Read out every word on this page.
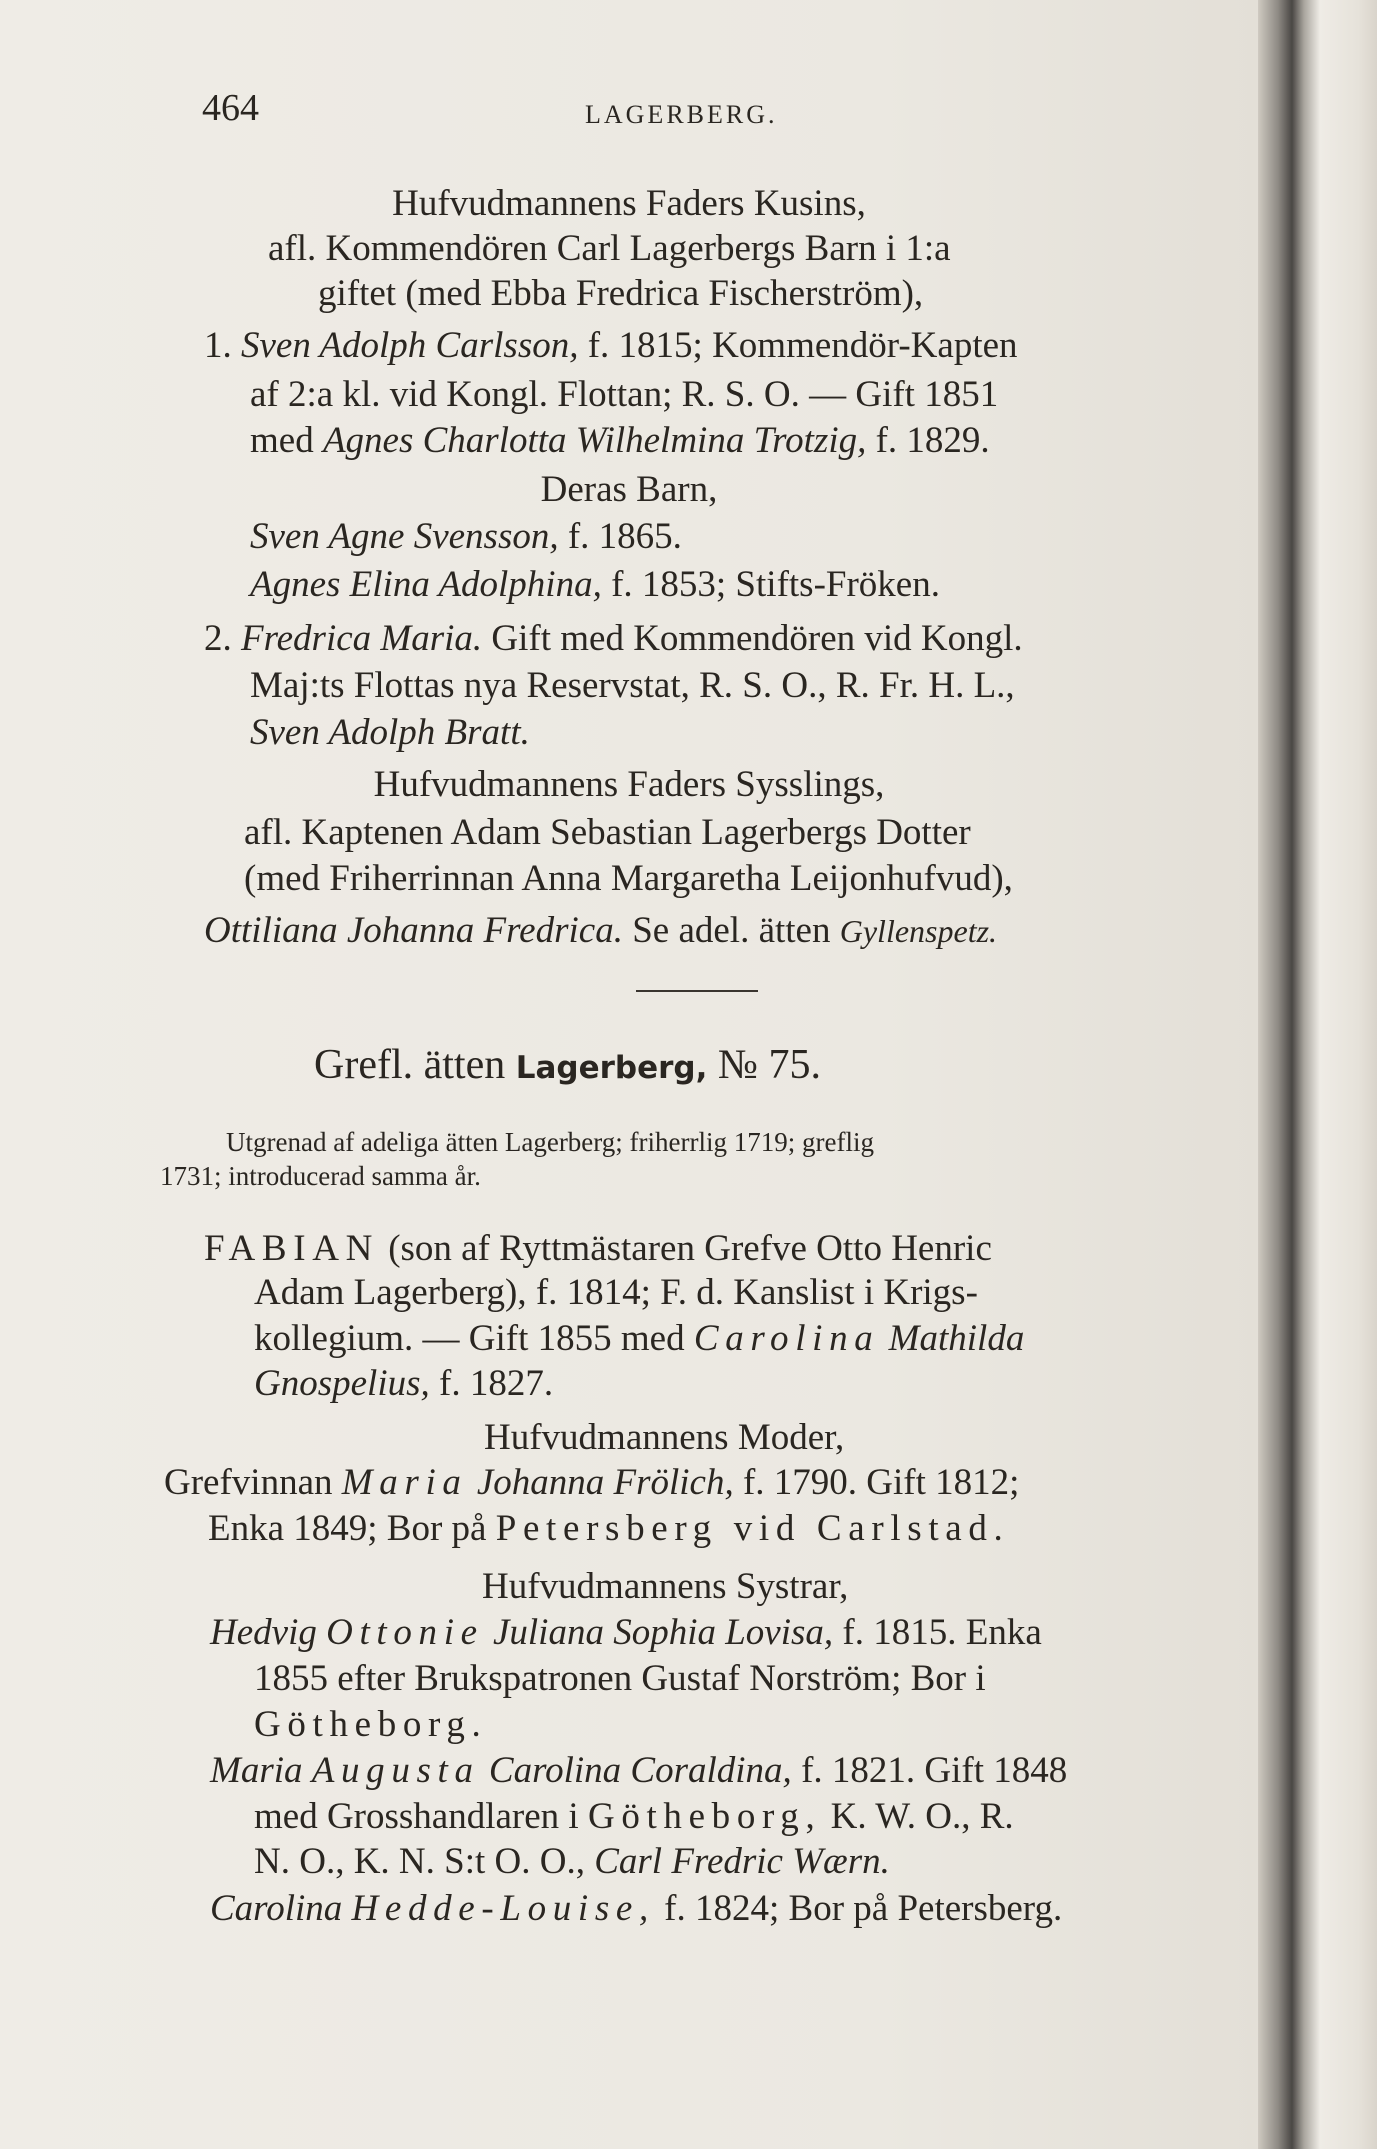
464	LAGERBERG.
Hufvudmannens Faders Kusins,
afl. Kommendören Carl Lagerbergs Barn i 1:a
giftet (med Ebba Fredrica Fischerström),
1. Sven Adolph Carlsson, f. 1815; Kommendör-Kapten
af 2:a kl. vid Kongl. Flottan; R. S. O. — Gift 1851
med Agnes Charlotta Wilhelmina Trotzig, f. 1829.
Deras Barn,
Sven Agne Svensson, f. 1865.
Agnes Elina Adolphina, f. 1853; Stifts-Fröken.
2. Fredrica Maria. Gift med Kommendören vid Kongl.
Maj:ts Flottas nya Reservstat, R. S. O., R. Fr. H. L.,
Sven Adolph Bratt.
Hufvudmannens Faders Sysslings,
afl. Kaptenen Adam Sebastian Lagerbergs Dotter
(med Friherrinnan Anna Margaretha Leijonhufvud),
Ottiliana Johanna Fredrica. Se adel. ätten Gyllenspetz.
Grefl. ätten Lagerberg, № 75.
Utgrenad af adeliga ätten Lagerberg; friherrlig 1719; greflig
1731; introducerad samma år.
FABIAN (son af Ryttmästaren Grefve Otto Henric
Adam Lagerberg), f. 1814; F. d. Kanslist i Krigs-
kollegium. — Gift 1855 med Carolina Mathilda
Gnospelius, f. 1827.
Hufvudmannens Moder,
Grefvinnan Maria Johanna Frölich, f. 1790. Gift 1812;
Enka 1849; Bor på Petersberg vid Carlstad.
Hufvudmannens Systrar,
Hedvig Ottonie Juliana Sophia Lovisa, f. 1815. Enka
1855 efter Brukspatronen Gustaf Norström; Bor i
Götheborg.
Maria Augusta Carolina Coraldina, f. 1821. Gift 1848
med Grosshandlaren i Götheborg, K. W. O., R.
N. O., K. N. S:t O. O., Carl Fredric Wærn.
Carolina Hedde-Louise, f. 1824; Bor på Petersberg.
